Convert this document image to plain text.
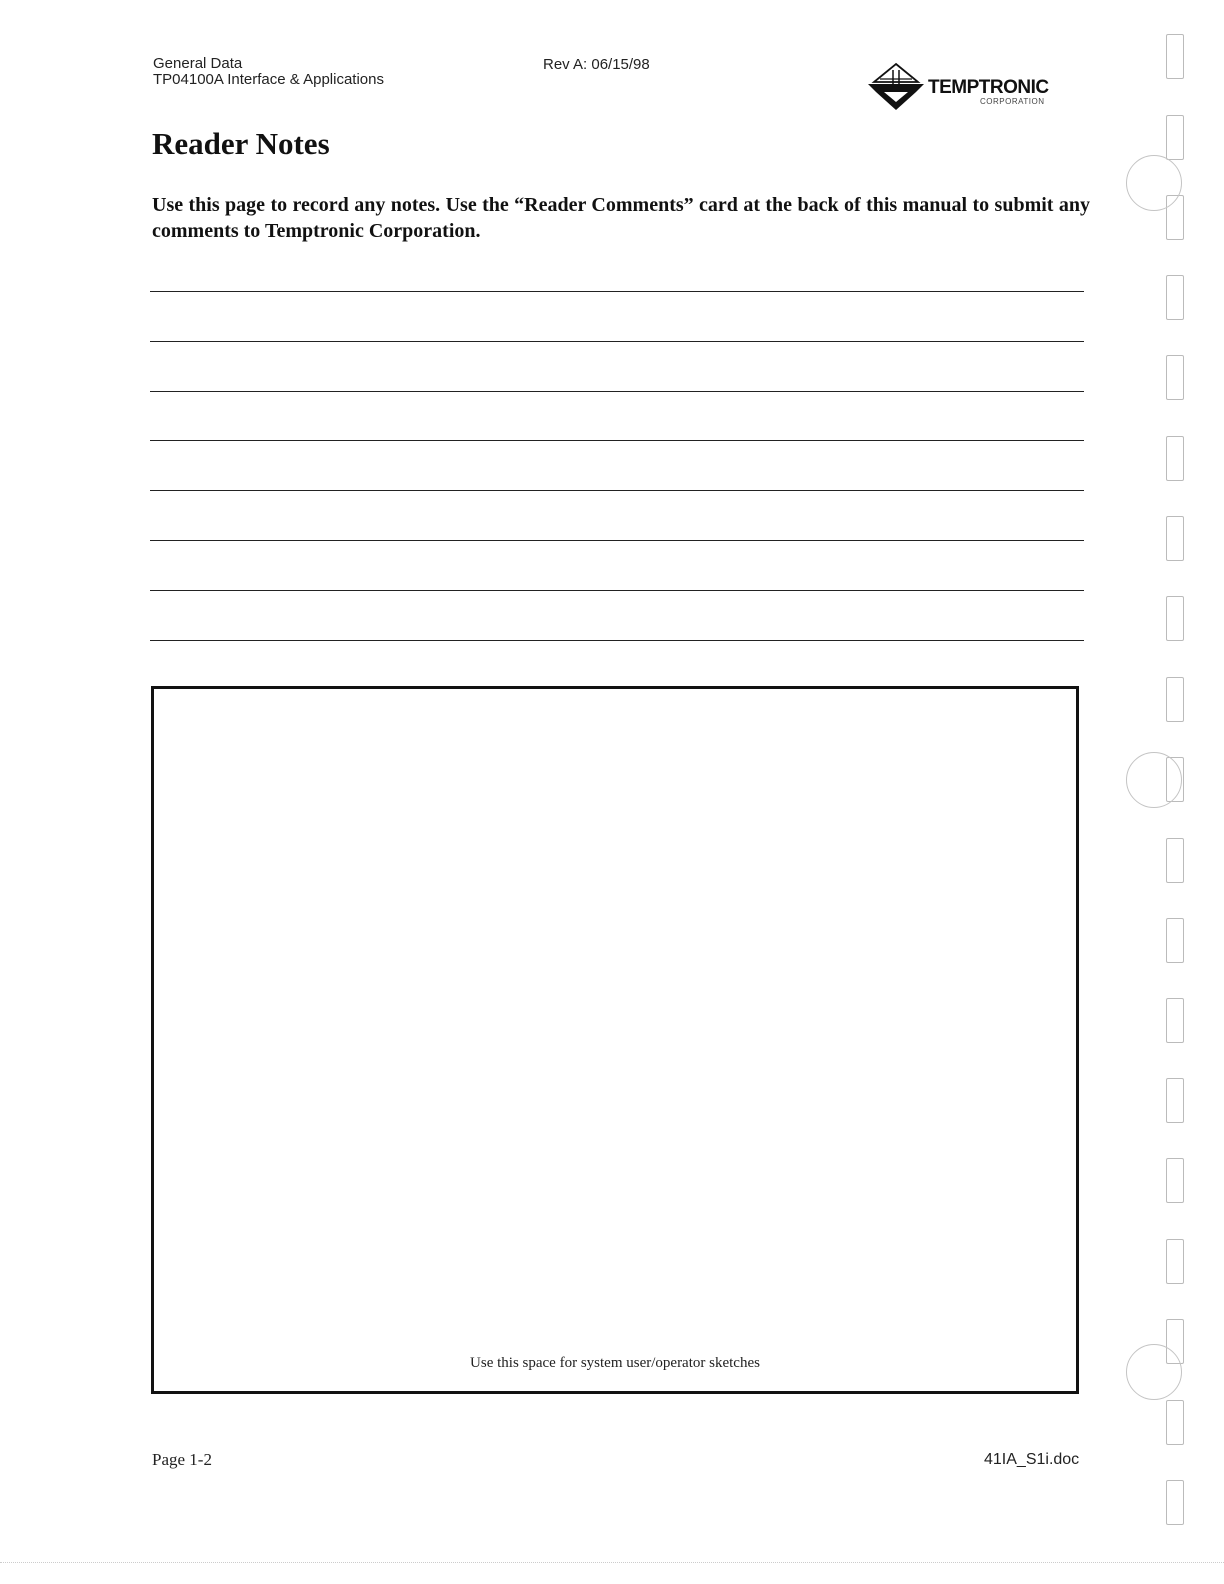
General Data
TP04100A Interface & Applications
Rev A: 06/15/98
TEMPTRONIC
CORPORATION
Reader Notes

Use this page to record any notes. Use the “Reader Comments” card at the back of this manual to submit any comments to Temptronic Corporation.

Use this space for system user/operator sketches
Page 1-2	41IA_S1i.doc
